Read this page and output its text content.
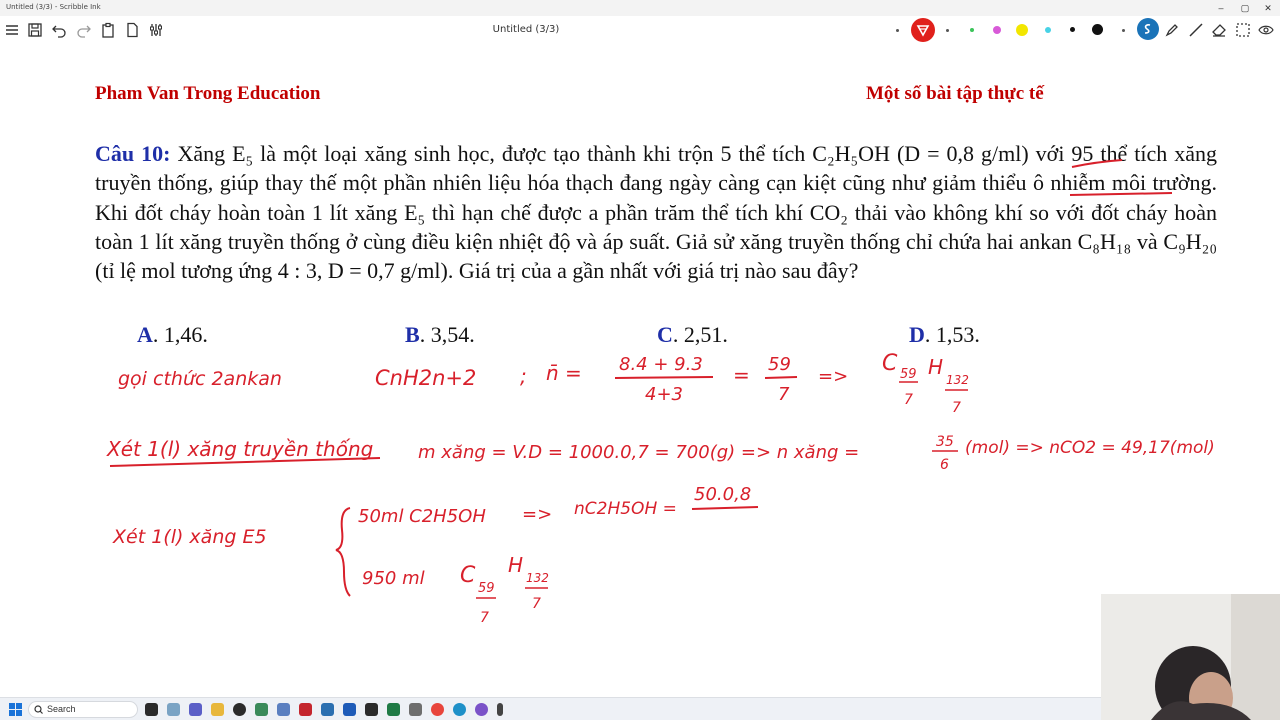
Untitled (3/3) - Scribble Ink	–	▢	✕
Untitled (3/3)
Pham Van Trong Education	Một số bài tập thực tế
Câu 10: Xăng E₅ là một loại xăng sinh học, được tạo thành khi trộn 5 thể tích C₂H₅OH (D = 0,8 g/ml) với 95 thể tích xăng truyền thống, giúp thay thế một phần nhiên liệu hóa thạch đang ngày càng cạn kiệt cũng như giảm thiểu ô nhiễm môi trường. Khi đốt cháy hoàn toàn 1 lít xăng E₅ thì hạn chế được a phần trăm thể tích khí CO₂ thải vào không khí so với đốt cháy hoàn toàn 1 lít xăng truyền thống ở cùng điều kiện nhiệt độ và áp suất. Giả sử xăng truyền thống chỉ chứa hai ankan C₈H₁₈ và C₉H₂₀ (tỉ lệ mol tương ứng 4 : 3, D = 0,7 g/ml). Giá trị của a gần nhất với giá trị nào sau đây?
A. 1,46.	B. 3,54.	C. 2,51.	D. 1,53.
gọi cthức 2ankan	CnH2n+2 ; n̄ = 8.4 + 9.3
4+3
= 59
7
=>
C 59
7
H
132
7
Xét 1(l) xăng truyền thống m xăng = V.D = 1000.0,7 = 700(g) => n xăng =	35
6
(mol) => nCO2 = 49,17(mol)
Xét 1(l) xăng E5
50ml C2H5OH => nC2H5OH =
50.0,8
950 ml C
59
7
H
132
7
Search
